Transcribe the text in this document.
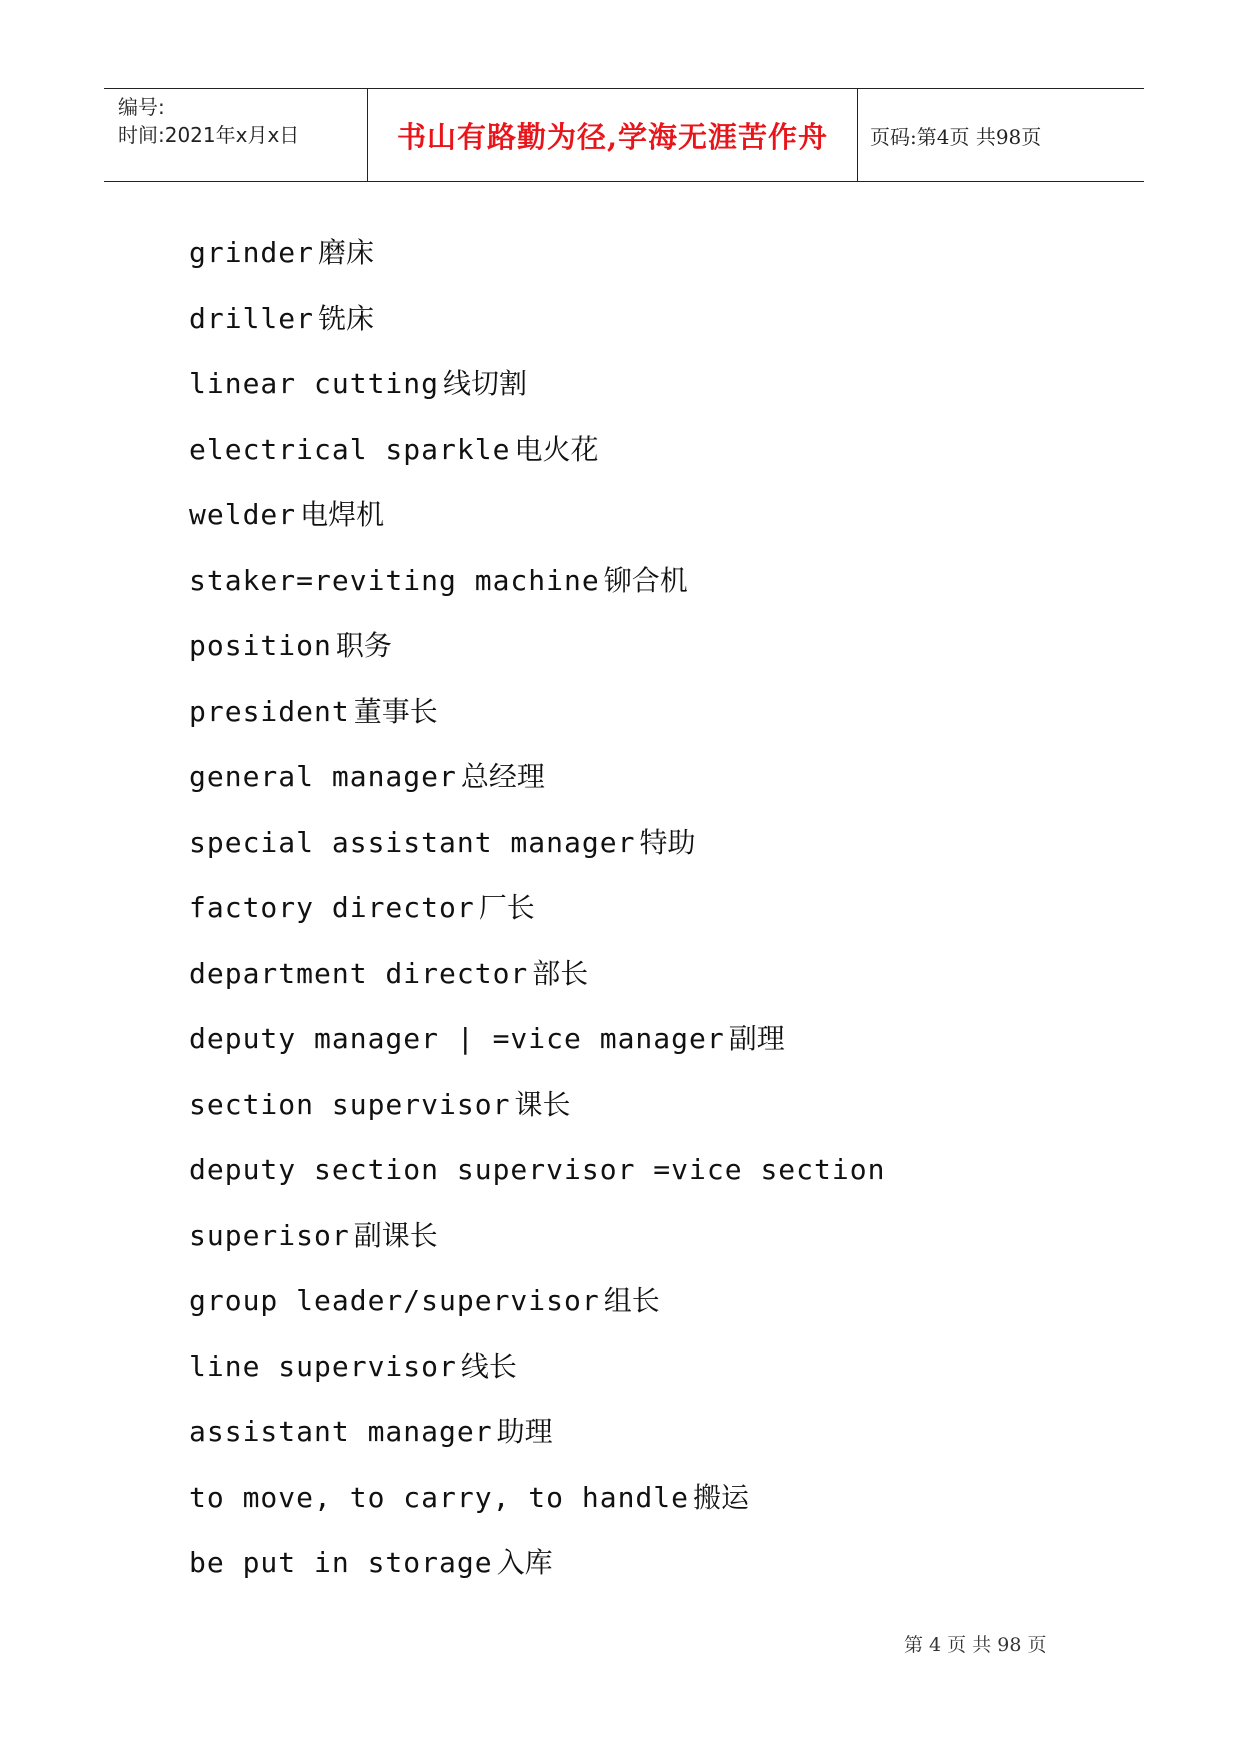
编号:
时间:2021年x月x日	书山有路勤为径,学海无涯苦作舟 页码:第4页 共98页
grinder 磨床
driller 铣床
linear cutting 线切割
electrical sparkle 电火花
welder 电焊机
staker=reviting machine 铆合机
position 职务
president 董事长
general manager 总经理
special assistant manager 特助
factory director 厂长
department director 部长
deputy manager | =vice manager 副理
section supervisor 课长
deputy section supervisor =vice section superisor 副课长
group leader/supervisor 组长
line supervisor 线长
assistant manager 助理
to move, to carry, to handle 搬运
be put in storage 入库
第 4 页 共 98 页
